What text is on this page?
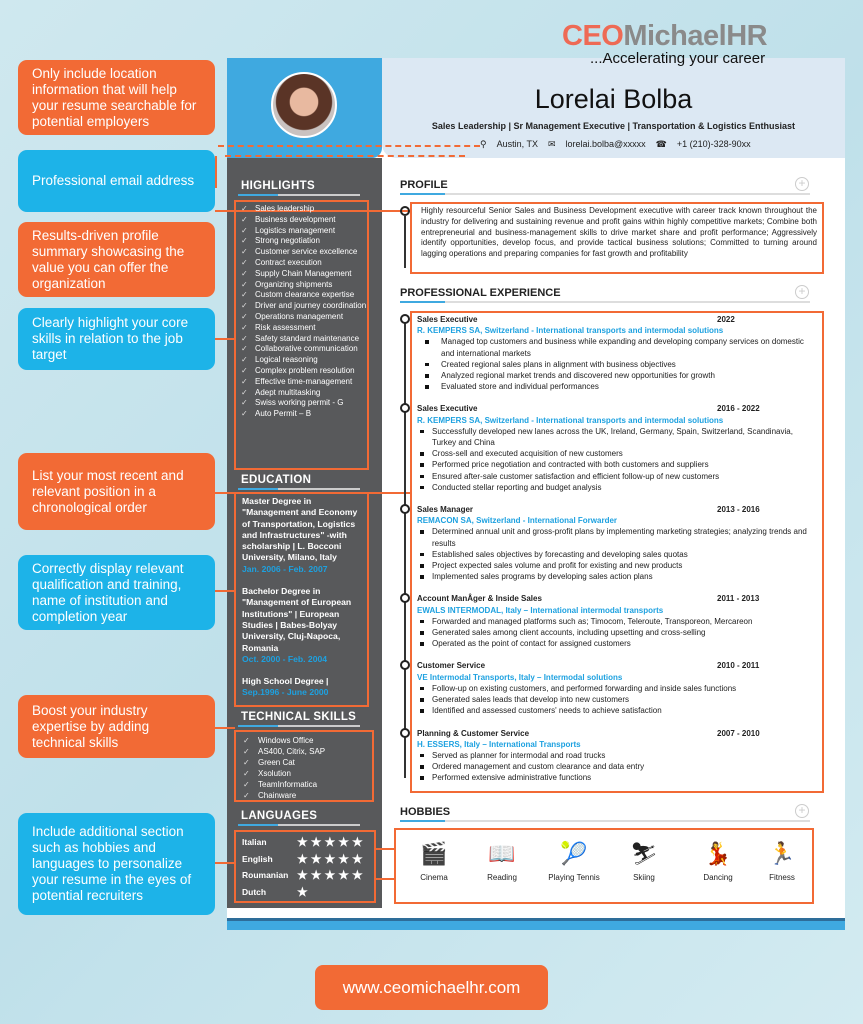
CEOMichaelHR
...Accelerating your career
Lorelai Bolba
Sales Leadership | Sr Management Executive | Transportation & Logistics Enthusiast
⚲ Austin, TX ✉ lorelai.bolba@xxxxx ☎ +1 (210)-328-90xx
Only include location information that will help your resume searchable for potential employers
Professional email address
Results-driven profile summary showcasing the value you can offer the organization
Clearly highlight your core skills in relation to the job target
List your most recent and relevant position in a chronological order
Correctly display relevant qualification and training, name of institution and completion year
Boost your industry expertise by adding technical skills
Include additional section such as hobbies and languages to personalize your resume in the eyes of potential recruiters
HIGHLIGHTS
✓ Sales leadership
✓ Business development
✓ Logistics management
✓ Strong negotiation
✓ Customer service excellence
✓ Contract execution
✓ Supply Chain Management
✓ Organizing shipments
✓ Custom clearance expertise
✓ Driver and journey coordination
✓ Operations management
✓ Risk assessment
✓ Safety standard maintenance
✓ Collaborative communication
✓ Logical reasoning
✓ Complex problem resolution
✓ Effective time-management
✓ Adept multitasking
✓ Swiss working permit - G
✓ Auto Permit – B
EDUCATION
Master Degree in "Management and Economy of Transportation, Logistics and Infrastructures" -with scholarship | L. Bocconi University, Milano, Italy
Jan. 2006 - Feb. 2007
Bachelor Degree in "Management of European Institutions" | European Studies | Babes-Bolyay University, Cluj-Napoca, Romania
Oct. 2000 - Feb. 2004
High School Degree |
Sep.1996 - June 2000
TECHNICAL SKILLS
✓ Windows Office
✓ AS400, Citrix, SAP
✓ Green Cat
✓ Xsolution
✓ TeamInformatica
✓ Chainware
LANGUAGES
Italian	★★★★★
English	★★★★★
Roumanian ★★★★★
Dutch	★
PROFILE	+
Highly resourceful Senior Sales and Business Development executive with career track known throughout the industry for delivering and sustaining revenue and profit gains within highly competitive markets; Combine both entrepreneurial and business-management skills to drive market share and profit performance; Aggressively identify opportunities, develop focus, and provide tactical business solutions; Committed to turning around lagging operations and preparing companies for fast growth and profitability
PROFESSIONAL EXPERIENCE	+
Sales Executive	2022
R. KEMPERS SA, Switzerland - International transports and intermodal solutions
Managed top customers and business while expanding and developing company services on domestic and international markets
Created regional sales plans in alignment with business objectives
Analyzed regional market trends and discovered new opportunities for growth
Evaluated store and individual performances
Sales Executive	2016 - 2022
R. KEMPERS SA, Switzerland - International transports and intermodal solutions
Successfully developed new lanes across the UK, Ireland, Germany, Spain, Switzerland, Scandinavia, Turkey and China
Cross-sell and executed acquisition of new customers
Performed price negotiation and contracted with both customers and suppliers
Ensured after-sale customer satisfaction and efficient follow-up of new customers
Conducted stellar reporting and budget analysis
Sales Manager	2013 - 2016
REMACON SA, Switzerland - International Forwarder
Determined annual unit and gross-profit plans by implementing marketing strategies; analyzing trends and results
Established sales objectives by forecasting and developing sales quotas
Project expected sales volume and profit for existing and new products
Implemented sales programs by developing sales action plans
Account ManÂger & Inside Sales	2011 - 2013
EWALS INTERMODAL, Italy – International intermodal transports
Forwarded and managed platforms such as; Timocom, Teleroute, Transporeon, Mercareon
Generated sales among client accounts, including upsetting and cross-selling
Operated as the point of contact for assigned customers
Customer Service	2010 - 2011
VE Intermodal Transports, Italy – Intermodal solutions
Follow-up on existing customers, and performed forwarding and inside sales functions
Generated sales leads that develop into new customers
Identified and assessed customers' needs to achieve satisfaction
Planning & Customer Service	2007 - 2010
H. ESSERS, Italy – International Transports
Served as planner for intermodal and road trucks
Ordered management and custom clearance and data entry
Performed extensive administrative functions
HOBBIES	+
🎬
Cinema
📖
Reading
🎾
Playing Tennis
⛷
Skiing
💃
Dancing
🏃
Fitness
www.ceomichaelhr.com
